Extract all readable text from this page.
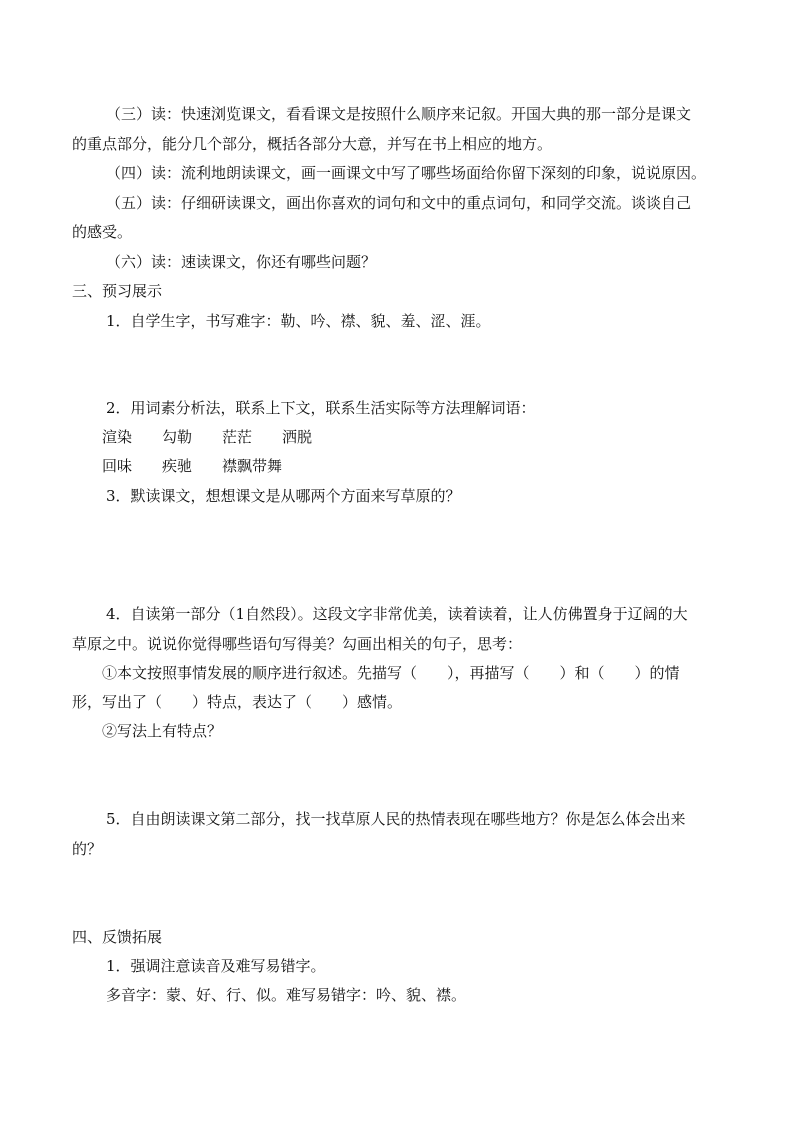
（三）读：快速浏览课文，看看课文是按照什么顺序来记叙。开国大典的那一部分是课文

的重点部分，能分几个部分，概括各部分大意，并写在书上相应的地方。

（四）读：流利地朗读课文，画一画课文中写了哪些场面给你留下深刻的印象，说说原因。

（五）读：仔细研读课文，画出你喜欢的词句和文中的重点词句，和同学交流。谈谈自己

的感受。

（六）读：速读课文，你还有哪些问题？

三、预习展示

1．自学生字，书写难字：勒、吟、襟、貌、羞、涩、涯。

2．用词素分析法，联系上下文，联系生活实际等方法理解词语：

渲染　　勾勒　　茫茫　　洒脱

回味　　疾驰　　襟飘带舞

3．默读课文，想想课文是从哪两个方面来写草原的？

4．自读第一部分（1自然段）。这段文字非常优美，读着读着，让人仿佛置身于辽阔的大

草原之中。说说你觉得哪些语句写得美？勾画出相关的句子，思考：

①本文按照事情发展的顺序进行叙述。先描写（　　），再描写（　　）和（　　）的情

形，写出了（　　）特点，表达了（　　）感情。

②写法上有特点？

5．自由朗读课文第二部分，找一找草原人民的热情表现在哪些地方？你是怎么体会出来

的？

四、反馈拓展

1．强调注意读音及难写易错字。

多音字：蒙、好、行、似。难写易错字：吟、貌、襟。
